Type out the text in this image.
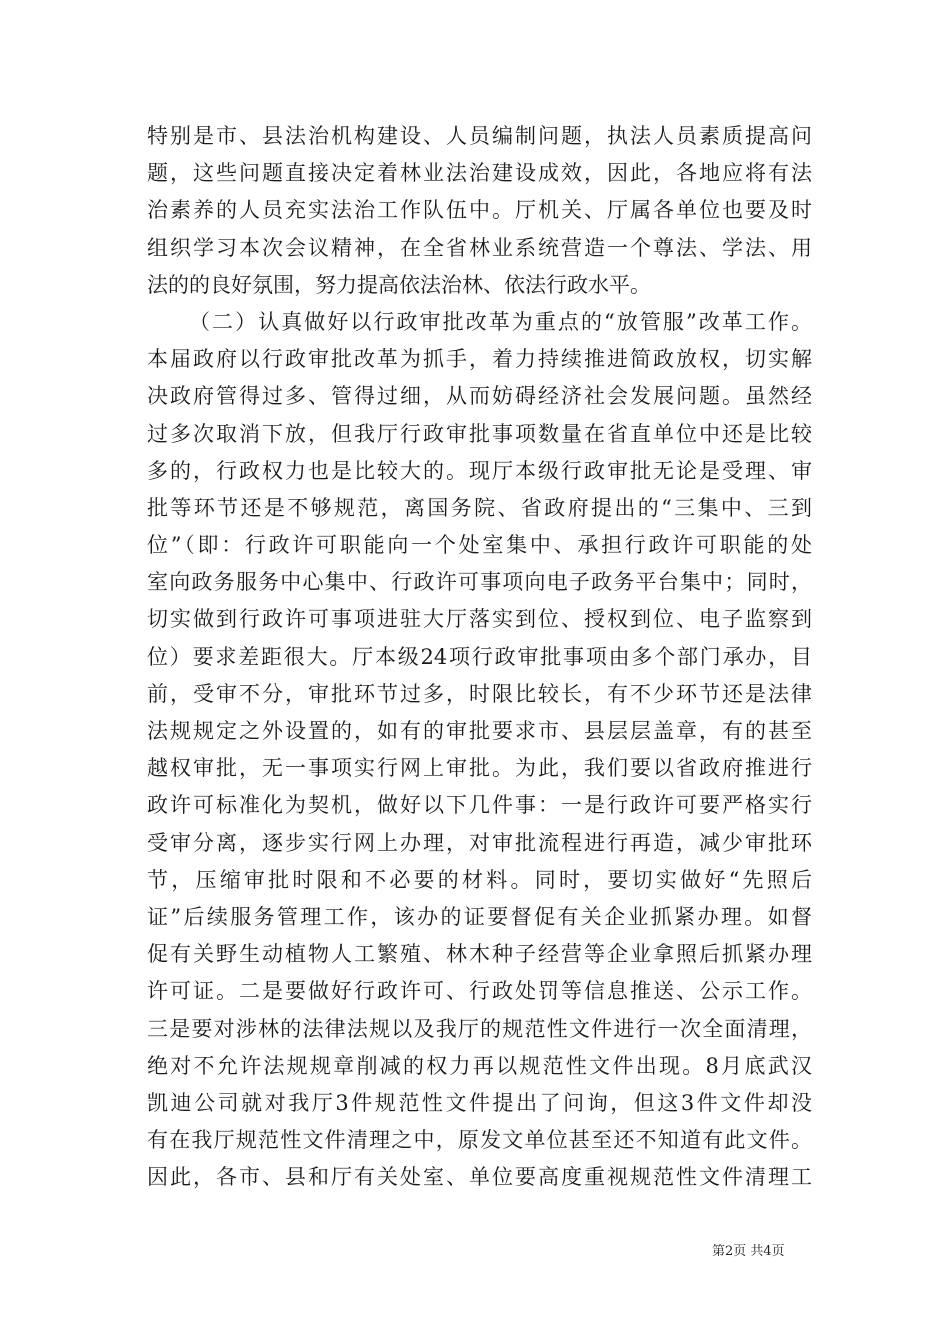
特别是市、县法治机构建设、人员编制问题，执法人员素质提高问
题，这些问题直接决定着林业法治建设成效，因此，各地应将有法
治素养的人员充实法治工作队伍中。厅机关、厅属各单位也要及时
组织学习本次会议精神，在全省林业系统营造一个尊法、学法、用
法的的良好氛围，努力提高依法治林、依法行政水平。
（二）认真做好以行政审批改革为重点的“放管服”改革工作。
本届政府以行政审批改革为抓手，着力持续推进简政放权，切实解
决政府管得过多、管得过细，从而妨碍经济社会发展问题。虽然经
过多次取消下放，但我厅行政审批事项数量在省直单位中还是比较
多的，行政权力也是比较大的。现厅本级行政审批无论是受理、审
批等环节还是不够规范，离国务院、省政府提出的“三集中、三到
位”（即：行政许可职能向一个处室集中、承担行政许可职能的处
室向政务服务中心集中、行政许可事项向电子政务平台集中；同时，
切实做到行政许可事项进驻大厅落实到位、授权到位、电子监察到
位）要求差距很大。厅本级24项行政审批事项由多个部门承办，目
前，受审不分，审批环节过多，时限比较长，有不少环节还是法律
法规规定之外设置的，如有的审批要求市、县层层盖章，有的甚至
越权审批，无一事项实行网上审批。为此，我们要以省政府推进行
政许可标准化为契机，做好以下几件事：一是行政许可要严格实行
受审分离，逐步实行网上办理，对审批流程进行再造，减少审批环
节，压缩审批时限和不必要的材料。同时，要切实做好“先照后
证”后续服务管理工作，该办的证要督促有关企业抓紧办理。如督
促有关野生动植物人工繁殖、林木种子经营等企业拿照后抓紧办理
许可证。二是要做好行政许可、行政处罚等信息推送、公示工作。
三是要对涉林的法律法规以及我厅的规范性文件进行一次全面清理，
绝对不允许法规规章削减的权力再以规范性文件出现。8月底武汉
凯迪公司就对我厅3件规范性文件提出了问询，但这3件文件却没
有在我厅规范性文件清理之中，原发文单位甚至还不知道有此文件。
因此，各市、县和厅有关处室、单位要高度重视规范性文件清理工
第2页 共4页
